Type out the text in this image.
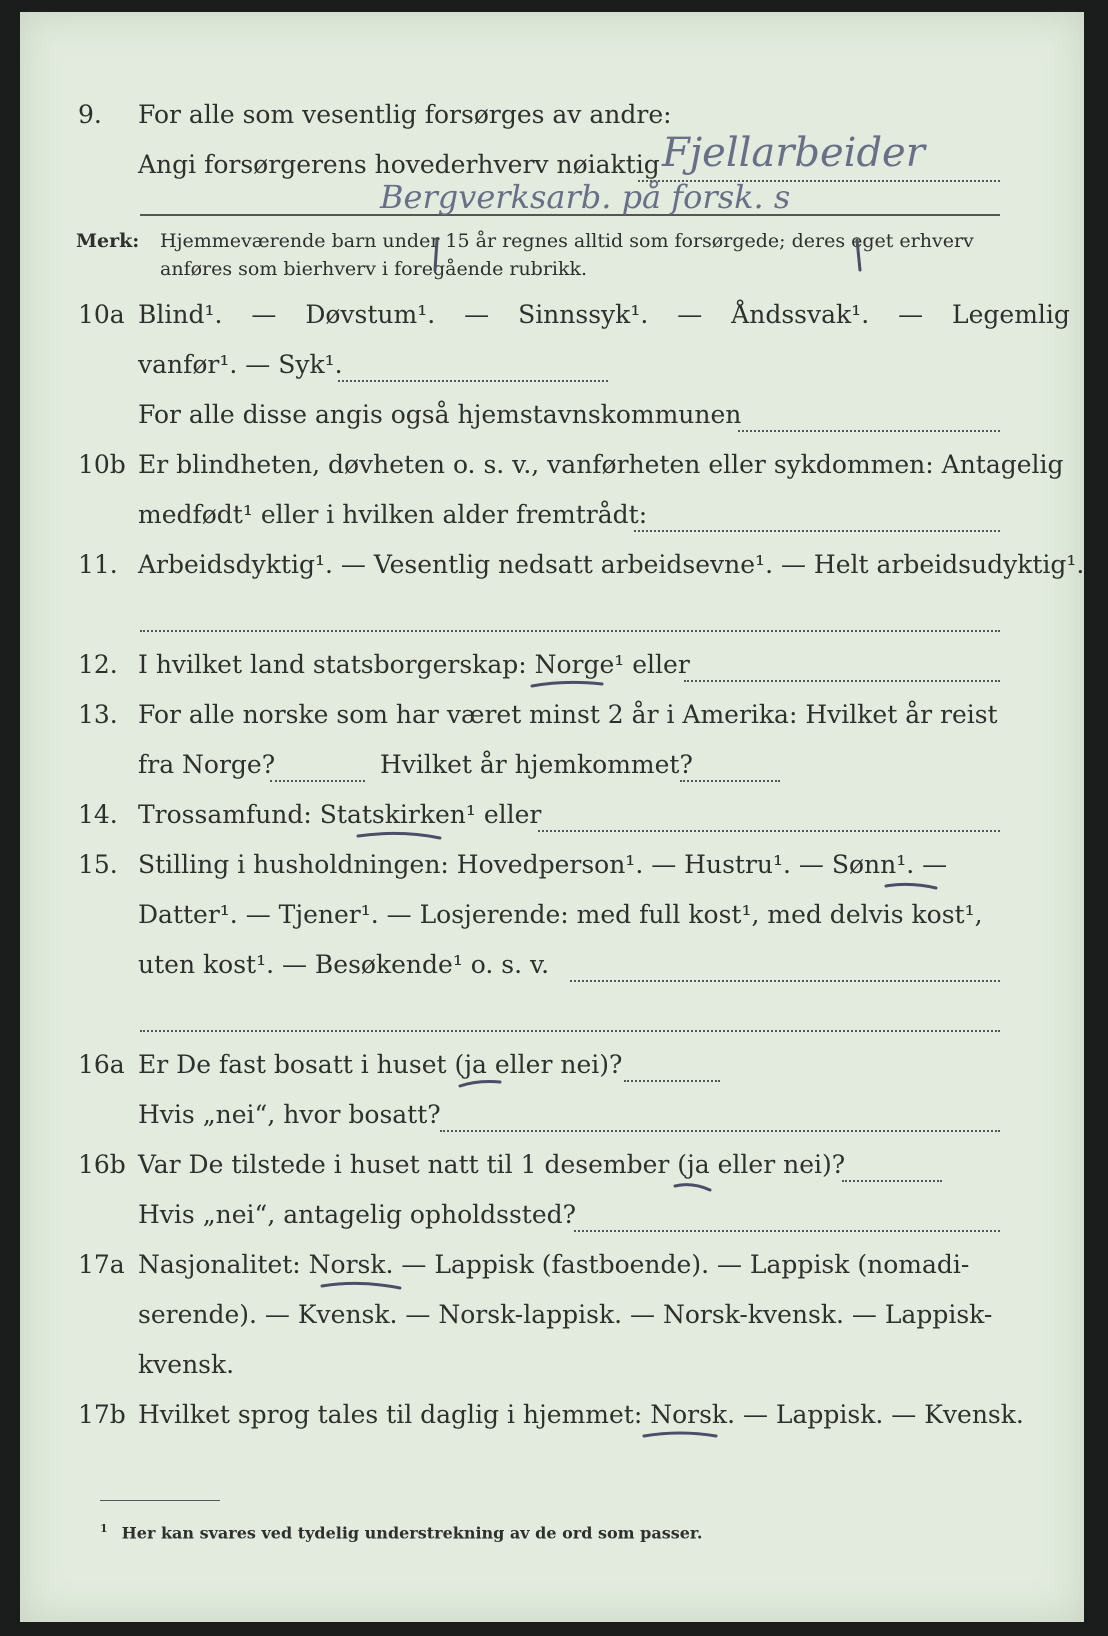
9. For alle som vesentlig forsørges av andre:
Angi forsørgerens hovederhverv nøiaktig Fjellarbeider
Bergverksarb. på forsk. s
Merk: Hjemmeværende barn under 15 år regnes alltid som forsørgede; deres eget erhverv
anføres som bierhverv i foregående rubrikk.
10a Blind¹. — Døvstum¹. — Sinnssyk¹. — Åndssvak¹. — Legemlig
vanfør¹. — Syk¹.
For alle disse angis også hjemstavnskommunen
10b Er blindheten, døvheten o. s. v., vanførheten eller sykdommen: Antagelig
medfødt¹ eller i hvilken alder fremtrådt:
11. Arbeidsdyktig¹. — Vesentlig nedsatt arbeidsevne¹. — Helt arbeidsudyktig¹.
12. I hvilket land statsborgerskap: Norge¹ eller
13. For alle norske som har været minst 2 år i Amerika: Hvilket år reist
fra Norge?	Hvilket år hjemkommet?
14. Trossamfund: Statskirken¹ eller
15. Stilling i husholdningen: Hovedperson¹. — Hustru¹. — Sønn¹. —
Datter¹. — Tjener¹. — Losjerende: med full kost¹, med delvis kost¹,
uten kost¹. — Besøkende¹ o. s. v.
16a Er De fast bosatt i huset (ja eller nei)?
Hvis „nei“, hvor bosatt?
16b Var De tilstede i huset natt til 1 desember (ja eller nei)?
Hvis „nei“, antagelig opholdssted?
17a Nasjonalitet: Norsk. — Lappisk (fastboende). — Lappisk (nomadi-
serende). — Kvensk. — Norsk-lappisk. — Norsk-kvensk. — Lappisk-
kvensk.
17b Hvilket sprog tales til daglig i hjemmet: Norsk. — Lappisk. — Kvensk.
$^1$ Her kan svares ved tydelig understrekning av de ord som passer.
